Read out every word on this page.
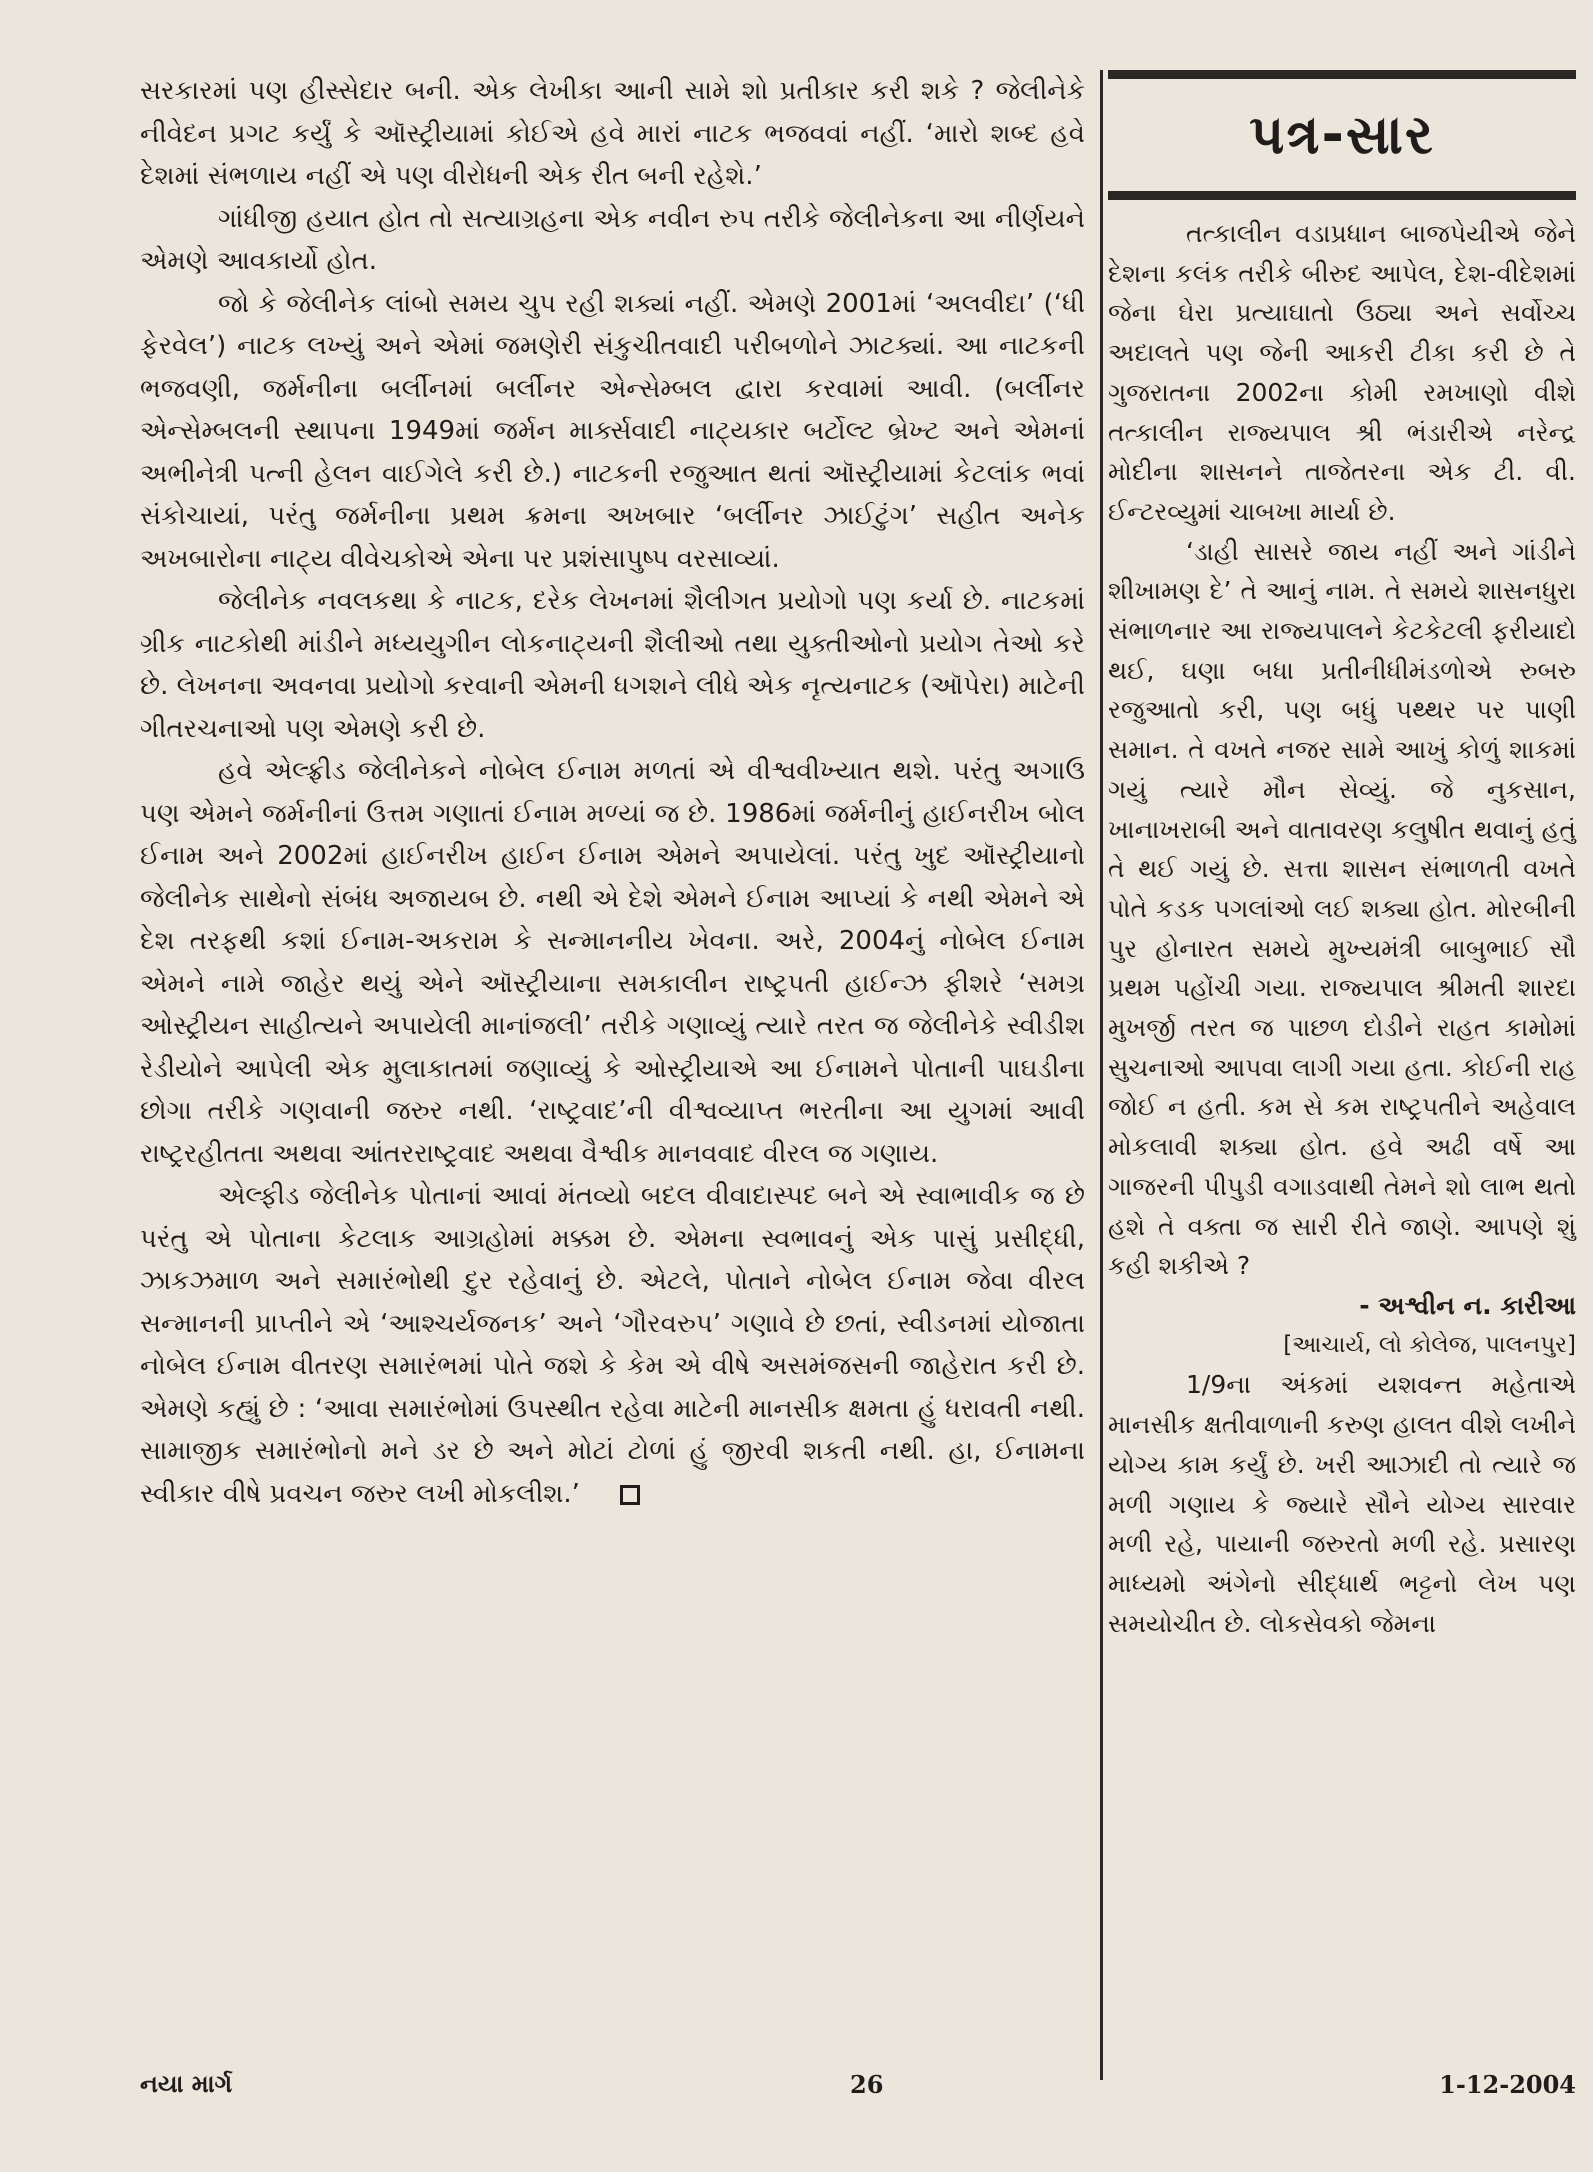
સરકારમાં પણ હીસ્સેદાર બની. એક લેખીકા આની સામે શો પ્રતીકાર કરી શકે ? જેલીનેકે નીવેદન પ્રગટ કર્યું કે ઑસ્ટ્રીયામાં કોઈએ હવે મારાં નાટક ભજવવાં નહીં. ‘મારો શબ્દ હવે દેશમાં સંભળાય નહીં એ પણ વીરોધની એક રીત બની રહેશે.’

ગાંધીજી હયાત હોત તો સત્યાગ્રહના એક નવીન રુપ તરીકે જેલીનેકના આ નીર્ણયને એમણે આવકાર્યો હોત.

જો કે જેલીનેક લાંબો સમય ચુપ રહી શક્યાં નહીં. એમણે 2001માં ‘અલવીદા’ (‘ધી ફેરવેલ’) નાટક લખ્યું અને એમાં જમણેરી સંકુચીતવાદી પરીબળોને ઝાટક્યાં. આ નાટકની ભજવણી, જર્મનીના બર્લીનમાં બર્લીનર એન્સેમ્બલ દ્વારા કરવામાં આવી. (બર્લીનર એન્સેમ્બલની સ્થાપના 1949માં જર્મન માર્ક્સવાદી નાટ્યકાર બર્ટોલ્ટ બ્રેખ્ટ અને એમનાં અભીનેત્રી પત્ની હેલન વાઈગેલે કરી છે.) નાટકની રજુઆત થતાં ઑસ્ટ્રીયામાં કેટલાંક ભવાં સંકોચાયાં, પરંતુ જર્મનીના પ્રથમ ક્રમના અખબાર ‘બર્લીનર ઝાઈટુંગ’ સહીત અનેક અખબારોના નાટ્ય વીવેચકોએ એના પર પ્રશંસાપુષ્પ વરસાવ્યાં.

જેલીનેક નવલકથા કે નાટક, દરેક લેખનમાં શૈલીગત પ્રયોગો પણ કર્યા છે. નાટકમાં ગ્રીક નાટકોથી માંડીને મધ્યયુગીન લોકનાટ્યની શૈલીઓ તથા યુક્તીઓનો પ્રયોગ તેઓ કરે છે. લેખનના અવનવા પ્રયોગો કરવાની એમની ધગશને લીધે એક નૃત્યનાટક (ઑપેરા) માટેની ગીતરચનાઓ પણ એમણે કરી છે.

હવે એલ્ફ્રીડ જેલીનેકને નોબેલ ઈનામ મળતાં એ વીશ્વવીખ્યાત થશે. પરંતુ અગાઉ પણ એમને જર્મનીનાં ઉત્તમ ગણાતાં ઈનામ મળ્યાં જ છે. 1986માં જર્મનીનું હાઈનરીખ બોલ ઈનામ અને 2002માં હાઈનરીખ હાઈન ઈનામ એમને અપાયેલાં. પરંતુ ખુદ ઑસ્ટ્રીયાનો જેલીનેક સાથેનો સંબંધ અજાયબ છે. નથી એ દેશે એમને ઈનામ આપ્યાં કે નથી એમને એ દેશ તરફથી કશાં ઈનામ-અકરામ કે સન્માનનીય ખેવના. અરે, 2004નું નોબેલ ઈનામ એમને નામે જાહેર થયું એને ઑસ્ટ્રીયાના સમકાલીન રાષ્ટ્રપતી હાઈન્ઝ ફીશરે ‘સમગ્ર ઓસ્ટ્રીયન સાહીત્યને અપાયેલી માનાંજલી’ તરીકે ગણાવ્યું ત્યારે તરત જ જેલીનેકે સ્વીડીશ રેડીયોને આપેલી એક મુલાકાતમાં જણાવ્યું કે ઓસ્ટ્રીયાએ આ ઈનામને પોતાની પાઘડીના છોગા તરીકે ગણવાની જરુર નથી. ‘રાષ્ટ્રવાદ’ની વીશ્વવ્યાપ્ત ભરતીના આ યુગમાં આવી રાષ્ટ્રરહીતતા અથવા આંતરરાષ્ટ્રવાદ અથવા વૈશ્વીક માનવવાદ વીરલ જ ગણાય.

એલ્ફીડ જેલીનેક પોતાનાં આવાં મંતવ્યો બદલ વીવાદાસ્પદ બને એ સ્વાભાવીક જ છે પરંતુ એ પોતાના કેટલાક આગ્રહોમાં મક્કમ છે. એમના સ્વભાવનું એક પાસું પ્રસીદ્ધી, ઝાકઝમાળ અને સમારંભોથી દુર રહેવાનું છે. એટલે, પોતાને નોબેલ ઈનામ જેવા વીરલ સન્માનની પ્રાપ્તીને એ ‘આશ્ચર્યજનક’ અને ‘ગૌરવરુપ’ ગણાવે છે છતાં, સ્વીડનમાં યોજાતા નોબેલ ઈનામ વીતરણ સમારંભમાં પોતે જશે કે કેમ એ વીષે અસમંજસની જાહેરાત કરી છે. એમણે કહ્યું છે : ‘આવા સમારંભોમાં ઉપસ્થીત રહેવા માટેની માનસીક ક્ષમતા હું ધરાવતી નથી. સામાજીક સમારંભોનો મને ડર છે અને મોટાં ટોળાં હું જીરવી શકતી નથી. હા, ઈનામના સ્વીકાર વીષે પ્રવચન જરુર લખી મોકલીશ.’

પત્ર-સાર

તત્કાલીન વડાપ્રધાન બાજપેયીએ જેને દેશના કલંક તરીકે બીરુદ આપેલ, દેશ-વીદેશમાં જેના ઘેરા પ્રત્યાઘાતો ઉઠ્યા અને સર્વોચ્ચ અદાલતે પણ જેની આકરી ટીકા કરી છે તે ગુજરાતના 2002ના કોમી રમખાણો વીશે તત્કાલીન રાજ્યપાલ શ્રી ભંડારીએ નરેન્દ્ર મોદીના શાસનને તાજેતરના એક ટી. વી. ઈન્ટરવ્યુમાં ચાબખા માર્યા છે.

‘ડાહી સાસરે જાય નહીં અને ગાંડીને શીખામણ દે’ તે આનું નામ. તે સમયે શાસનધુરા સંભાળનાર આ રાજ્યપાલને કેટકેટલી ફરીયાદો થઈ, ઘણા બધા પ્રતીનીધીમંડળોએ રુબરુ રજુઆતો કરી, પણ બધું પથ્થર પર પાણી સમાન. તે વખતે નજર સામે આખું કોળું શાકમાં ગયું ત્યારે મૌન સેવ્યું. જે નુકસાન, ખાનાખરાબી અને વાતાવરણ કલુષીત થવાનું હતું તે થઈ ગયું છે. સત્તા શાસન સંભાળતી વખતે પોતે કડક પગલાંઓ લઈ શક્યા હોત. મોરબીની પુર હોનારત સમયે મુખ્યમંત્રી બાબુભાઈ સૌ પ્રથમ પહોંચી ગયા. રાજ્યપાલ શ્રીમતી શારદા મુખર્જી તરત જ પાછળ દોડીને રાહત કામોમાં સુચનાઓ આપવા લાગી ગયા હતા. કોઈની રાહ જોઈ ન હતી. કમ સે કમ રાષ્ટ્રપતીને અહેવાલ મોકલાવી શક્યા હોત. હવે અઢી વર્ષે આ ગાજરની પીપુડી વગાડવાથી તેમને શો લાભ થતો હશે તે વક્તા જ સારી રીતે જાણે. આપણે શું કહી શકીએ ?

- અશ્વીન ન. કારીઆ

[આચાર્ય, લો કોલેજ, પાલનપુર]

1/9ના અંકમાં યશવન્ત મહેતાએ માનસીક ક્ષતીવાળાની કરુણ હાલત વીશે લખીને યોગ્ય કામ કર્યું છે. ખરી આઝાદી તો ત્યારે જ મળી ગણાય કે જ્યારે સૌને યોગ્ય સારવાર મળી રહે, પાયાની જરુરતો મળી રહે. પ્રસારણ માધ્યમો અંગેનો સીદ્ધાર્થ ભટ્ટનો લેખ પણ સમયોચીત છે. લોકસેવકો જેમના

નયા માર્ગ	26	1-12-2004
